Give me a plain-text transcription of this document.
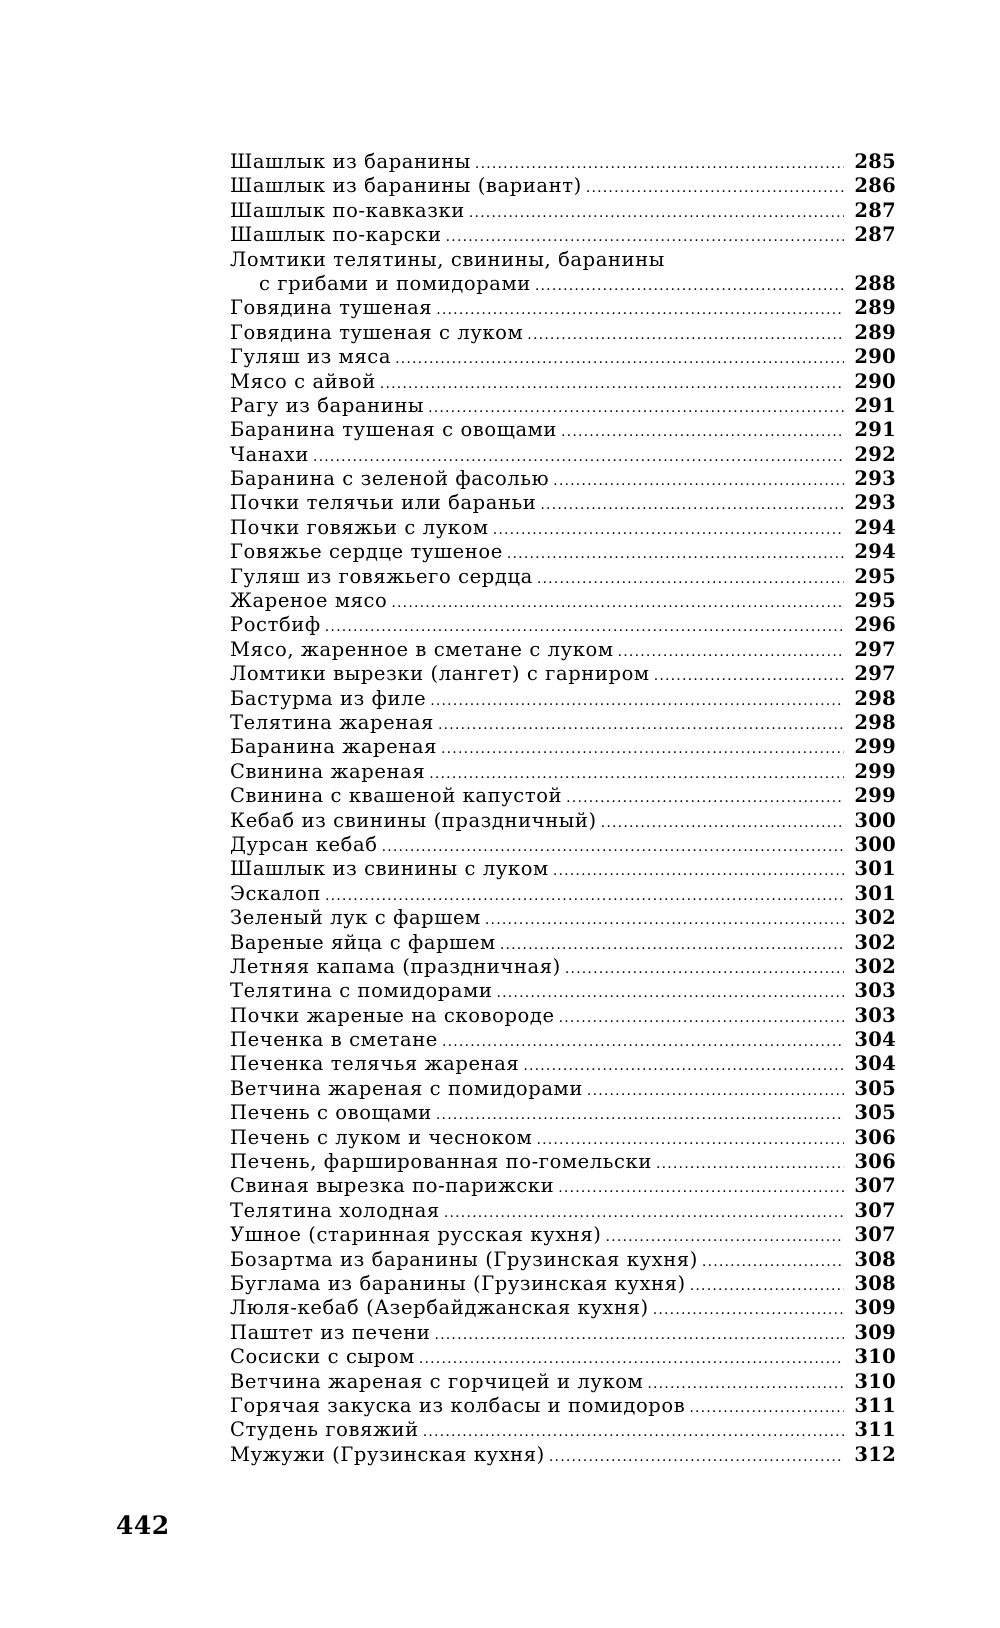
Шашлык из баранины .....	285
Шашлык из баранины (вариант) .....	286
Шашлык по-кавказки .....	287
Шашлык по-карски .....	287
Ломтики телятины, свинины, баранины
с грибами и помидорами .....	288
Говядина тушеная .....	289
Говядина тушеная с луком .....	289
Гуляш из мяса .....	290
Мясо с айвой .....	290
Рагу из баранины .....	291
Баранина тушеная с овощами .....	291
Чанахи .....	292
Баранина с зеленой фасолью .....	293
Почки телячьи или бараньи .....	293
Почки говяжьи с луком .....	294
Говяжье сердце тушеное .....	294
Гуляш из говяжьего сердца .....	295
Жареное мясо .....	295
Ростбиф .....	296
Мясо, жаренное в сметане с луком .....	297
Ломтики вырезки (лангет) с гарниром .....	297
Бастурма из филе .....	298
Телятина жареная .....	298
Баранина жареная .....	299
Свинина жареная .....	299
Свинина с квашеной капустой .....	299
Кебаб из свинины (праздничный) .....	300
Дурсан кебаб .....	300
Шашлык из свинины с луком .....	301
Эскалоп .....	301
Зеленый лук с фаршем .....	302
Вареные яйца с фаршем .....	302
Летняя капама (праздничная) .....	302
Телятина с помидорами .....	303
Почки жареные на сковороде .....	303
Печенка в сметане .....	304
Печенка телячья жареная .....	304
Ветчина жареная с помидорами .....	305
Печень с овощами .....	305
Печень с луком и чесноком .....	306
Печень, фаршированная по-гомельски .....	306
Свиная вырезка по-парижски .....	307
Телятина холодная .....	307
Ушное (старинная русская кухня) .....	307
Бозартма из баранины (Грузинская кухня) .....	308
Буглама из баранины (Грузинская кухня) .....	308
Люля-кебаб (Азербайджанская кухня) .....	309
Паштет из печени .....	309
Сосиски с сыром .....	310
Ветчина жареная с горчицей и луком .....	310
Горячая закуска из колбасы и помидоров .....	311
Студень говяжий .....	311
Мужужи (Грузинская кухня) .....	312
442
